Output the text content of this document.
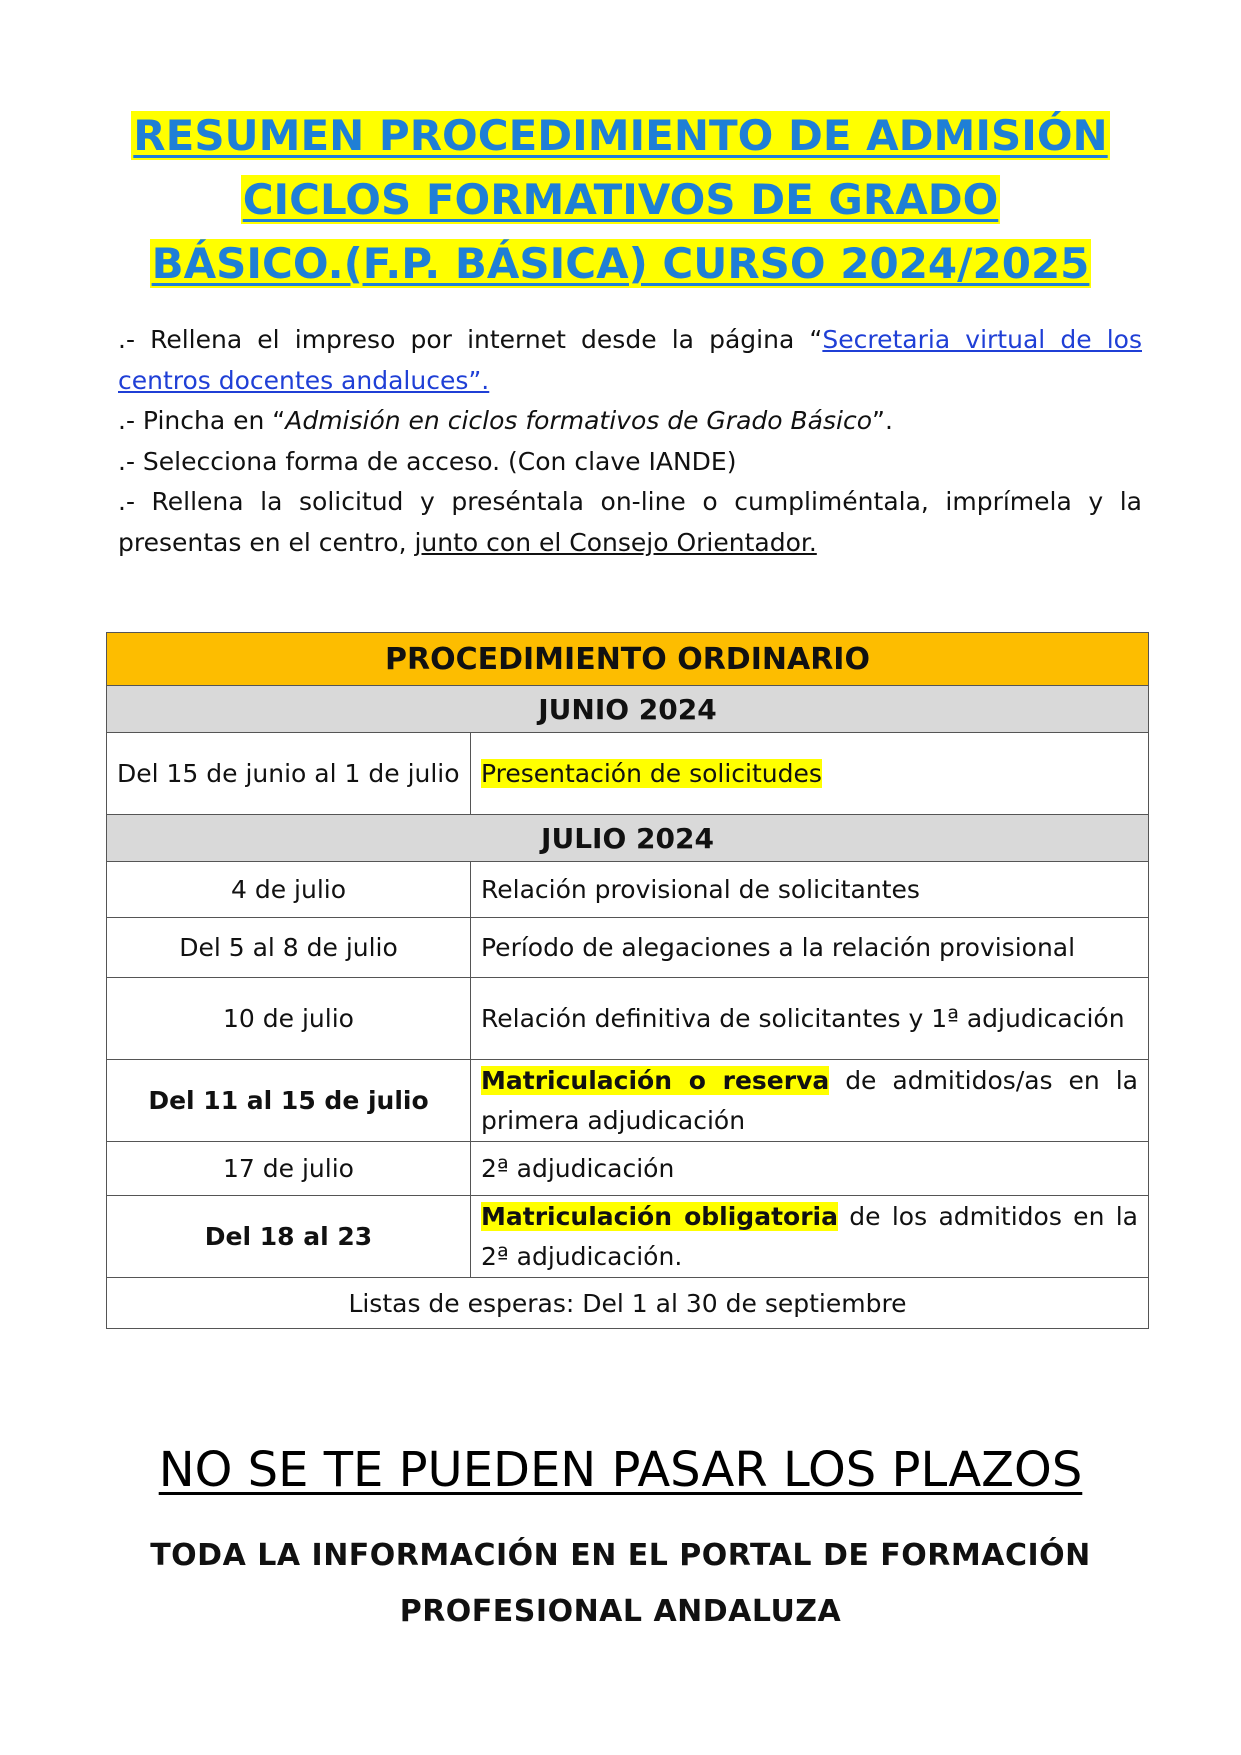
RESUMEN PROCEDIMIENTO DE ADMISIÓN
CICLOS FORMATIVOS DE GRADO
BÁSICO.(F.P. BÁSICA) CURSO 2024/2025

.- Rellena el impreso por internet desde la página “Secretaria virtual de los centros docentes andaluces”.

.- Pincha en “Admisión en ciclos formativos de Grado Básico”.

.- Selecciona forma de acceso. (Con clave IANDE)

.- Rellena la solicitud y preséntala on-line o cumpliméntala, imprímela y la presentas en el centro, junto con el Consejo Orientador.

PROCEDIMIENTO ORDINARIO	
JUNIO 2024	
Del 15 de junio al 1 de julio	Presentación de solicitudes
JULIO 2024	
4 de julio	Relación provisional de solicitantes
Del 5 al 8 de julio	Período de alegaciones a la relación provisional
10 de julio	Relación definitiva de solicitantes y 1ª adjudicación
Del 11 al 15 de julio	Matriculación o reserva de admitidos/as en la primera adjudicación
17 de julio	2ª adjudicación
Del 18 al 23	Matriculación obligatoria de los admitidos en la 2ª adjudicación.
Listas de esperas: Del 1 al 30 de septiembre	
NO SE TE PUEDEN PASAR LOS PLAZOS
TODA LA INFORMACIÓN EN EL PORTAL DE FORMACIÓN
PROFESIONAL ANDALUZA
